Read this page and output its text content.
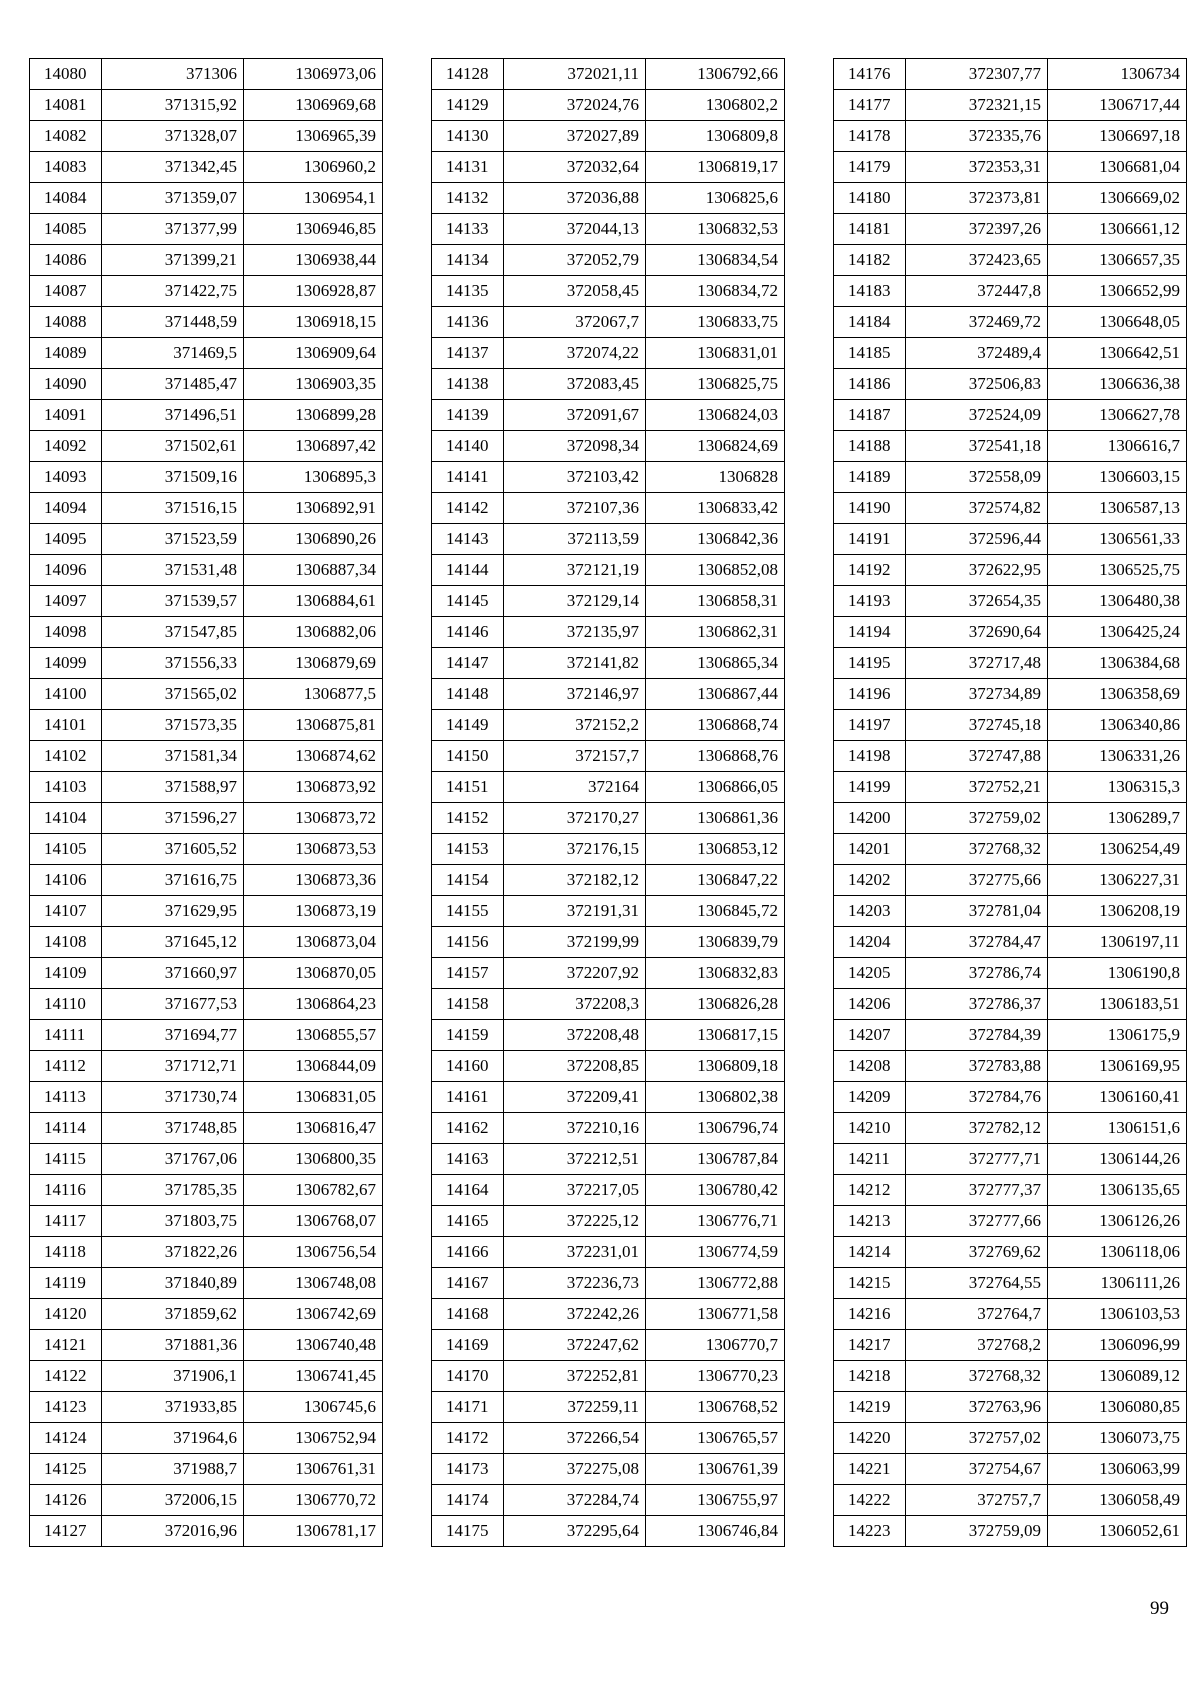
14080	371306	1306973,06
14081	371315,92	1306969,68
14082	371328,07	1306965,39
14083	371342,45	1306960,2
14084	371359,07	1306954,1
14085	371377,99	1306946,85
14086	371399,21	1306938,44
14087	371422,75	1306928,87
14088	371448,59	1306918,15
14089	371469,5	1306909,64
14090	371485,47	1306903,35
14091	371496,51	1306899,28
14092	371502,61	1306897,42
14093	371509,16	1306895,3
14094	371516,15	1306892,91
14095	371523,59	1306890,26
14096	371531,48	1306887,34
14097	371539,57	1306884,61
14098	371547,85	1306882,06
14099	371556,33	1306879,69
14100	371565,02	1306877,5
14101	371573,35	1306875,81
14102	371581,34	1306874,62
14103	371588,97	1306873,92
14104	371596,27	1306873,72
14105	371605,52	1306873,53
14106	371616,75	1306873,36
14107	371629,95	1306873,19
14108	371645,12	1306873,04
14109	371660,97	1306870,05
14110	371677,53	1306864,23
14111	371694,77	1306855,57
14112	371712,71	1306844,09
14113	371730,74	1306831,05
14114	371748,85	1306816,47
14115	371767,06	1306800,35
14116	371785,35	1306782,67
14117	371803,75	1306768,07
14118	371822,26	1306756,54
14119	371840,89	1306748,08
14120	371859,62	1306742,69
14121	371881,36	1306740,48
14122	371906,1	1306741,45
14123	371933,85	1306745,6
14124	371964,6	1306752,94
14125	371988,7	1306761,31
14126	372006,15	1306770,72
14127	372016,96	1306781,17
14128	372021,11	1306792,66
14129	372024,76	1306802,2
14130	372027,89	1306809,8
14131	372032,64	1306819,17
14132	372036,88	1306825,6
14133	372044,13	1306832,53
14134	372052,79	1306834,54
14135	372058,45	1306834,72
14136	372067,7	1306833,75
14137	372074,22	1306831,01
14138	372083,45	1306825,75
14139	372091,67	1306824,03
14140	372098,34	1306824,69
14141	372103,42	1306828
14142	372107,36	1306833,42
14143	372113,59	1306842,36
14144	372121,19	1306852,08
14145	372129,14	1306858,31
14146	372135,97	1306862,31
14147	372141,82	1306865,34
14148	372146,97	1306867,44
14149	372152,2	1306868,74
14150	372157,7	1306868,76
14151	372164	1306866,05
14152	372170,27	1306861,36
14153	372176,15	1306853,12
14154	372182,12	1306847,22
14155	372191,31	1306845,72
14156	372199,99	1306839,79
14157	372207,92	1306832,83
14158	372208,3	1306826,28
14159	372208,48	1306817,15
14160	372208,85	1306809,18
14161	372209,41	1306802,38
14162	372210,16	1306796,74
14163	372212,51	1306787,84
14164	372217,05	1306780,42
14165	372225,12	1306776,71
14166	372231,01	1306774,59
14167	372236,73	1306772,88
14168	372242,26	1306771,58
14169	372247,62	1306770,7
14170	372252,81	1306770,23
14171	372259,11	1306768,52
14172	372266,54	1306765,57
14173	372275,08	1306761,39
14174	372284,74	1306755,97
14175	372295,64	1306746,84
14176	372307,77	1306734
14177	372321,15	1306717,44
14178	372335,76	1306697,18
14179	372353,31	1306681,04
14180	372373,81	1306669,02
14181	372397,26	1306661,12
14182	372423,65	1306657,35
14183	372447,8	1306652,99
14184	372469,72	1306648,05
14185	372489,4	1306642,51
14186	372506,83	1306636,38
14187	372524,09	1306627,78
14188	372541,18	1306616,7
14189	372558,09	1306603,15
14190	372574,82	1306587,13
14191	372596,44	1306561,33
14192	372622,95	1306525,75
14193	372654,35	1306480,38
14194	372690,64	1306425,24
14195	372717,48	1306384,68
14196	372734,89	1306358,69
14197	372745,18	1306340,86
14198	372747,88	1306331,26
14199	372752,21	1306315,3
14200	372759,02	1306289,7
14201	372768,32	1306254,49
14202	372775,66	1306227,31
14203	372781,04	1306208,19
14204	372784,47	1306197,11
14205	372786,74	1306190,8
14206	372786,37	1306183,51
14207	372784,39	1306175,9
14208	372783,88	1306169,95
14209	372784,76	1306160,41
14210	372782,12	1306151,6
14211	372777,71	1306144,26
14212	372777,37	1306135,65
14213	372777,66	1306126,26
14214	372769,62	1306118,06
14215	372764,55	1306111,26
14216	372764,7	1306103,53
14217	372768,2	1306096,99
14218	372768,32	1306089,12
14219	372763,96	1306080,85
14220	372757,02	1306073,75
14221	372754,67	1306063,99
14222	372757,7	1306058,49
14223	372759,09	1306052,61
99
